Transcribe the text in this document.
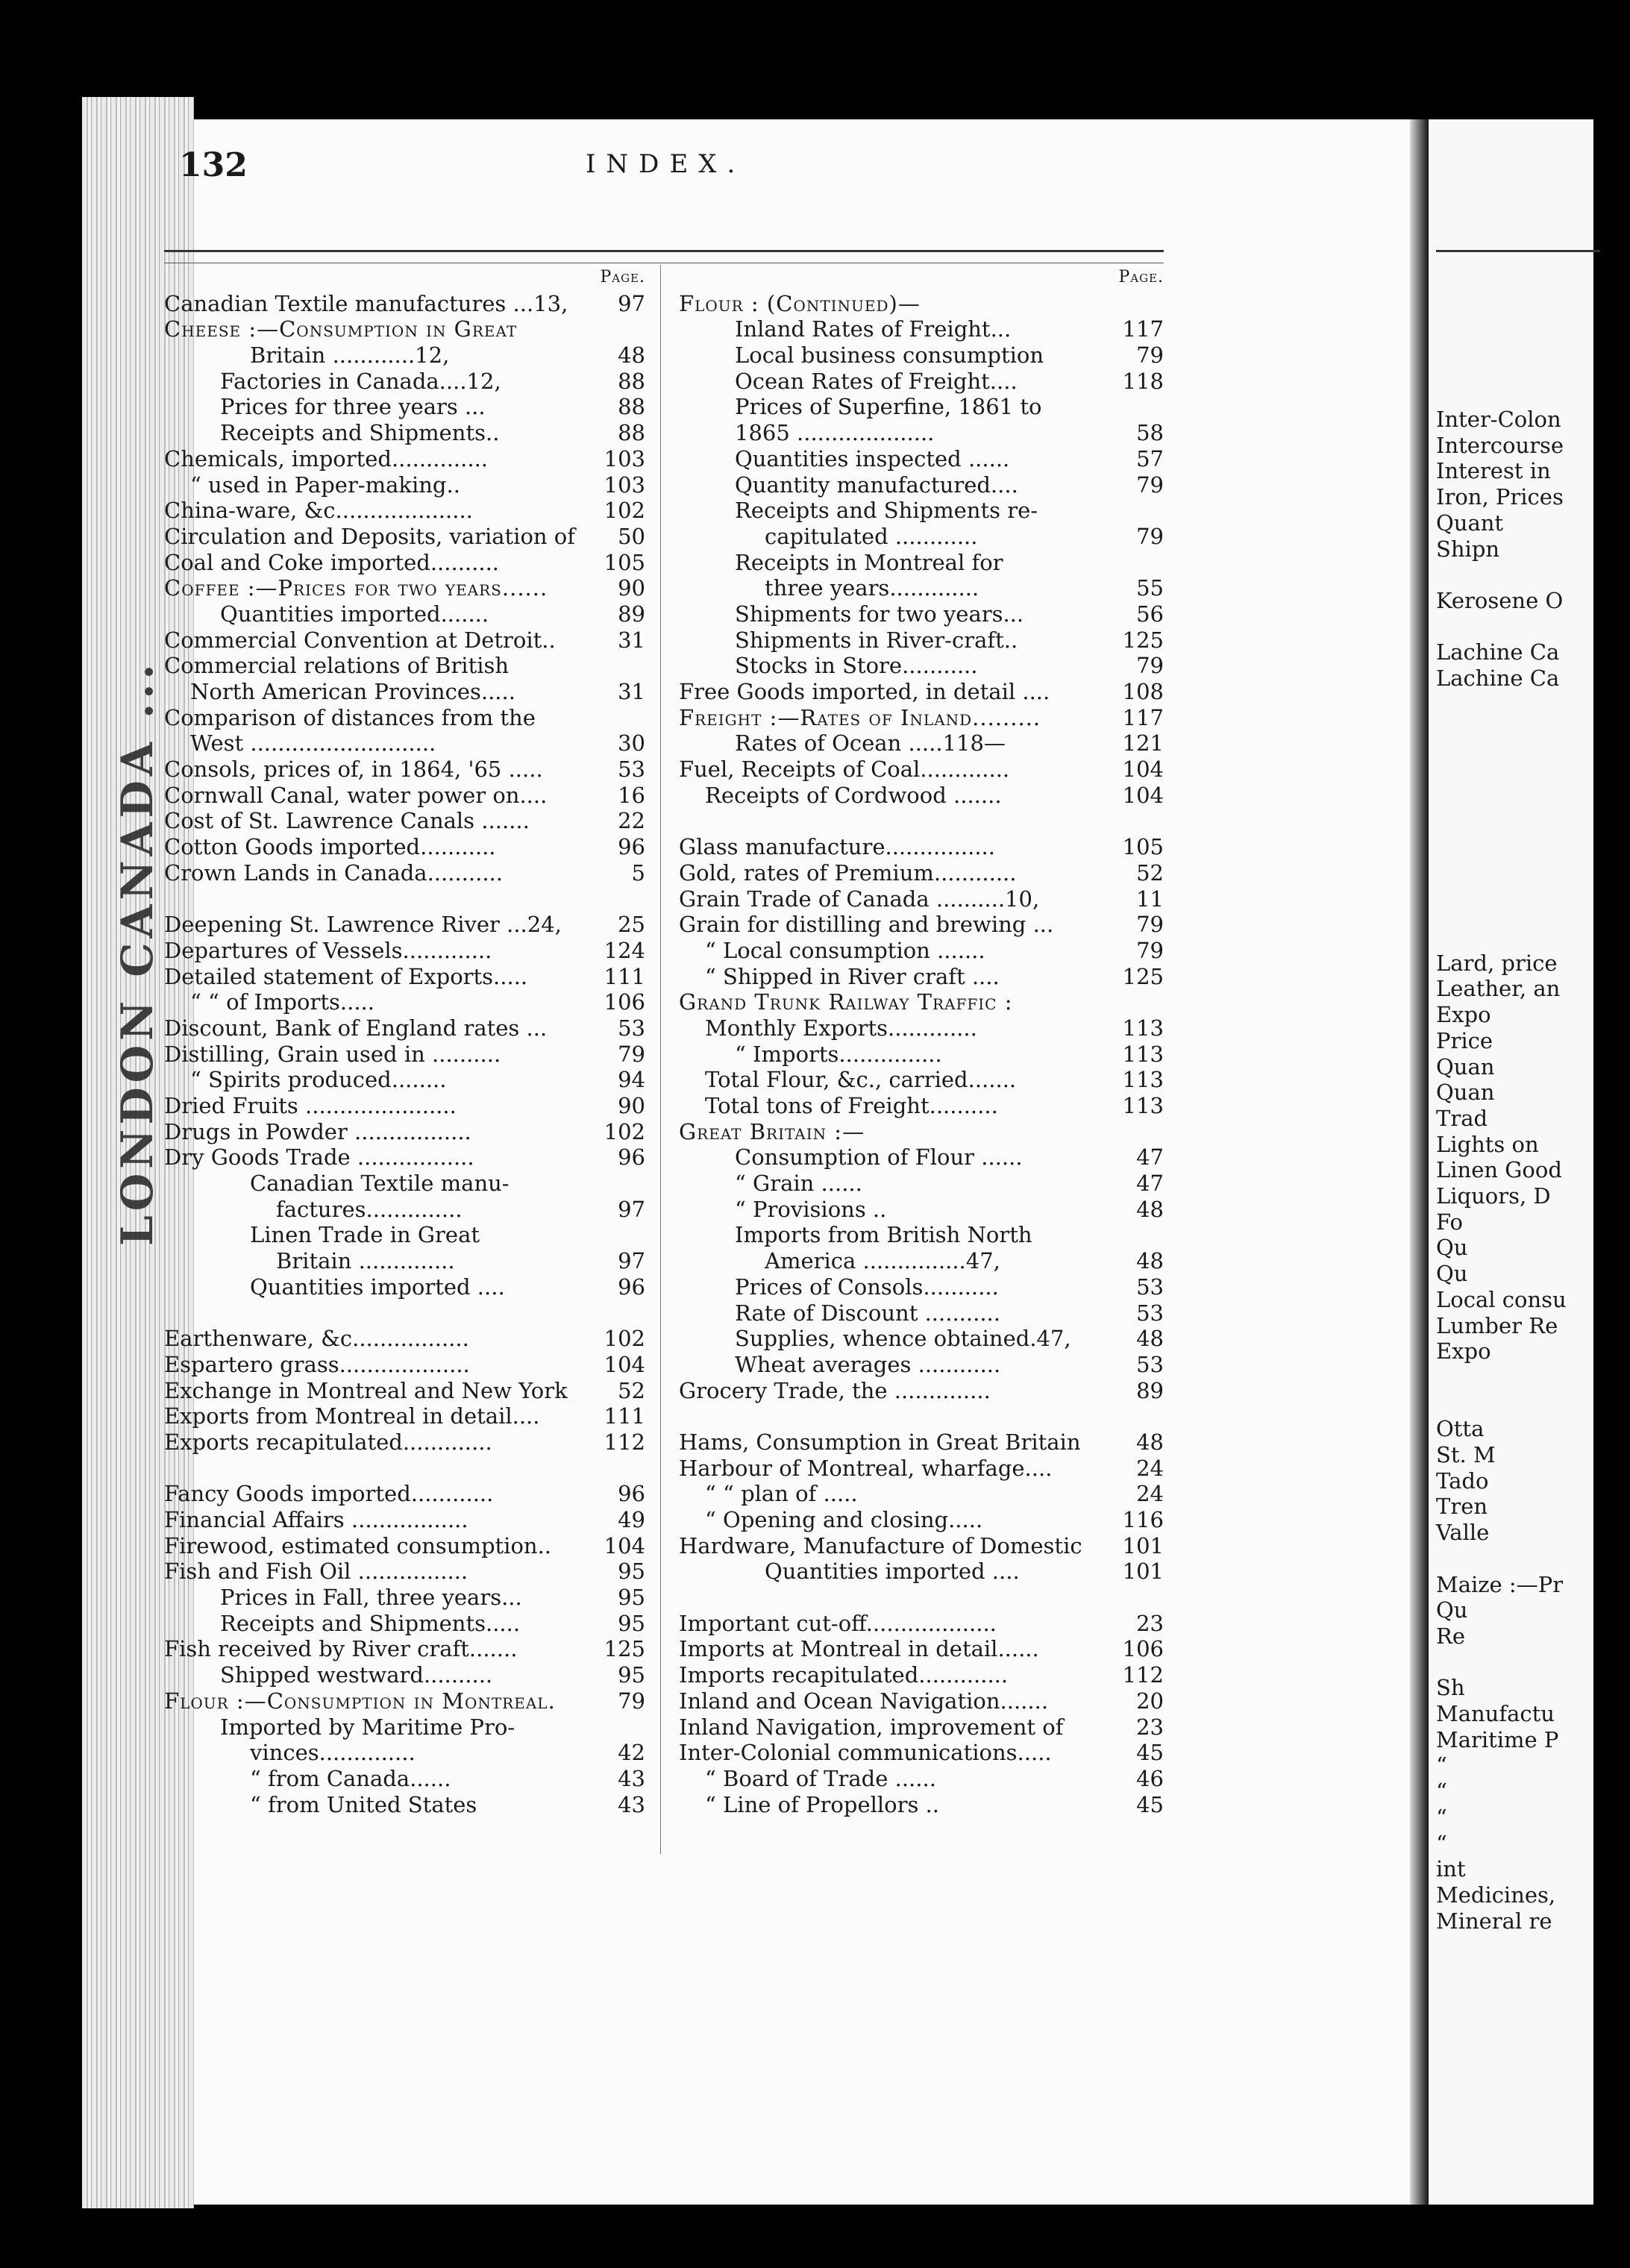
LONDON CANADA ...
Inter-Colon
Intercourse
Interest in
Iron, Prices
Quant
Shipn
Kerosene O
Lachine Ca
Lachine Ca
Lard, price
Leather, an
Expo
Price
Quan
Quan
Trad
Lights on
Linen Good
Liquors, D
Fo
Qu
Qu
Local consu
Lumber Re
Expo
Otta
St. M
Tado
Tren
Valle
Maize :—Pr
Qu
Re
Sh
Manufactu
Maritime P
“
“
“
“
int
Medicines,
Mineral re
132	INDEX.
Page.
Canadian Textile manufactures ...13, 97
Cheese :—Consumption in Great
Britain ............12,	48
Factories in Canada....12,	88
Prices for three years ...	88
Receipts and Shipments..	88
Chemicals, imported..............	103
“ used in Paper-making..	103
China-ware, &c....................	102
Circulation and Deposits, variation of 50
Coal and Coke imported..........	105
Coffee :—Prices for two years......	90
Quantities imported.......	89
Commercial Convention at Detroit..	31
Commercial relations of British
North American Provinces.....	31
Comparison of distances from the
West ...........................	30
Consols, prices of, in 1864, '65 .....	53
Cornwall Canal, water power on....	16
Cost of St. Lawrence Canals .......	22
Cotton Goods imported...........	96
Crown Lands in Canada...........	5
Deepening St. Lawrence River ...24,	25
Departures of Vessels.............	124
Detailed statement of Exports.....	111
“ “ of Imports.....	106
Discount, Bank of England rates ...	53
Distilling, Grain used in ..........	79
“ Spirits produced........	94
Dried Fruits ......................	90
Drugs in Powder .................	102
Dry Goods Trade .................	96
Canadian Textile manu-
factures..............	97
Linen Trade in Great
Britain ..............	97
Quantities imported ....	96
Earthenware, &c.................	102
Espartero grass...................	104
Exchange in Montreal and New York 52
Exports from Montreal in detail....	111
Exports recapitulated.............	112
Fancy Goods imported............	96
Financial Affairs .................	49
Firewood, estimated consumption.. 104
Fish and Fish Oil ................	95
Prices in Fall, three years...	95
Receipts and Shipments.....	95
Fish received by River craft.......	125
Shipped westward..........	95
Flour :—Consumption in Montreal.	79
Imported by Maritime Pro-
vinces..............	42
“ from Canada......	43
“ from United States	43
Page.
Flour : (Continued)—
Inland Rates of Freight...	117
Local business consumption	79
Ocean Rates of Freight....	118
Prices of Superfine, 1861 to
1865 ....................	58
Quantities inspected ......	57
Quantity manufactured....	79
Receipts and Shipments re-
capitulated ............	79
Receipts in Montreal for
three years.............	55
Shipments for two years...	56
Shipments in River-craft..	125
Stocks in Store...........	79
Free Goods imported, in detail ....	108
Freight :—Rates of Inland.........	117
Rates of Ocean .....118—	121
Fuel, Receipts of Coal.............	104
Receipts of Cordwood .......	104
Glass manufacture................	105
Gold, rates of Premium............	52
Grain Trade of Canada ..........10,	11
Grain for distilling and brewing ...	79
“ Local consumption .......	79
“ Shipped in River craft ....	125
Grand Trunk Railway Traffic :
Monthly Exports.............	113
“ Imports...............	113
Total Flour, &c., carried.......	113
Total tons of Freight..........	113
Great Britain :—
Consumption of Flour ......	47
“ Grain ......	47
“ Provisions ..	48
Imports from British North
America ...............47,	48
Prices of Consols...........	53
Rate of Discount ...........	53
Supplies, whence obtained.47,	48
Wheat averages ............	53
Grocery Trade, the ..............	89
Hams, Consumption in Great Britain	48
Harbour of Montreal, wharfage....	24
“ “ plan of .....	24
“ Opening and closing.....	116
Hardware, Manufacture of Domestic 101
Quantities imported ....	101
Important cut-off...................	23
Imports at Montreal in detail......	106
Imports recapitulated.............	112
Inland and Ocean Navigation.......	20
Inland Navigation, improvement of	23
Inter-Colonial communications.....	45
“ Board of Trade ......	46
“ Line of Propellors ..	45
